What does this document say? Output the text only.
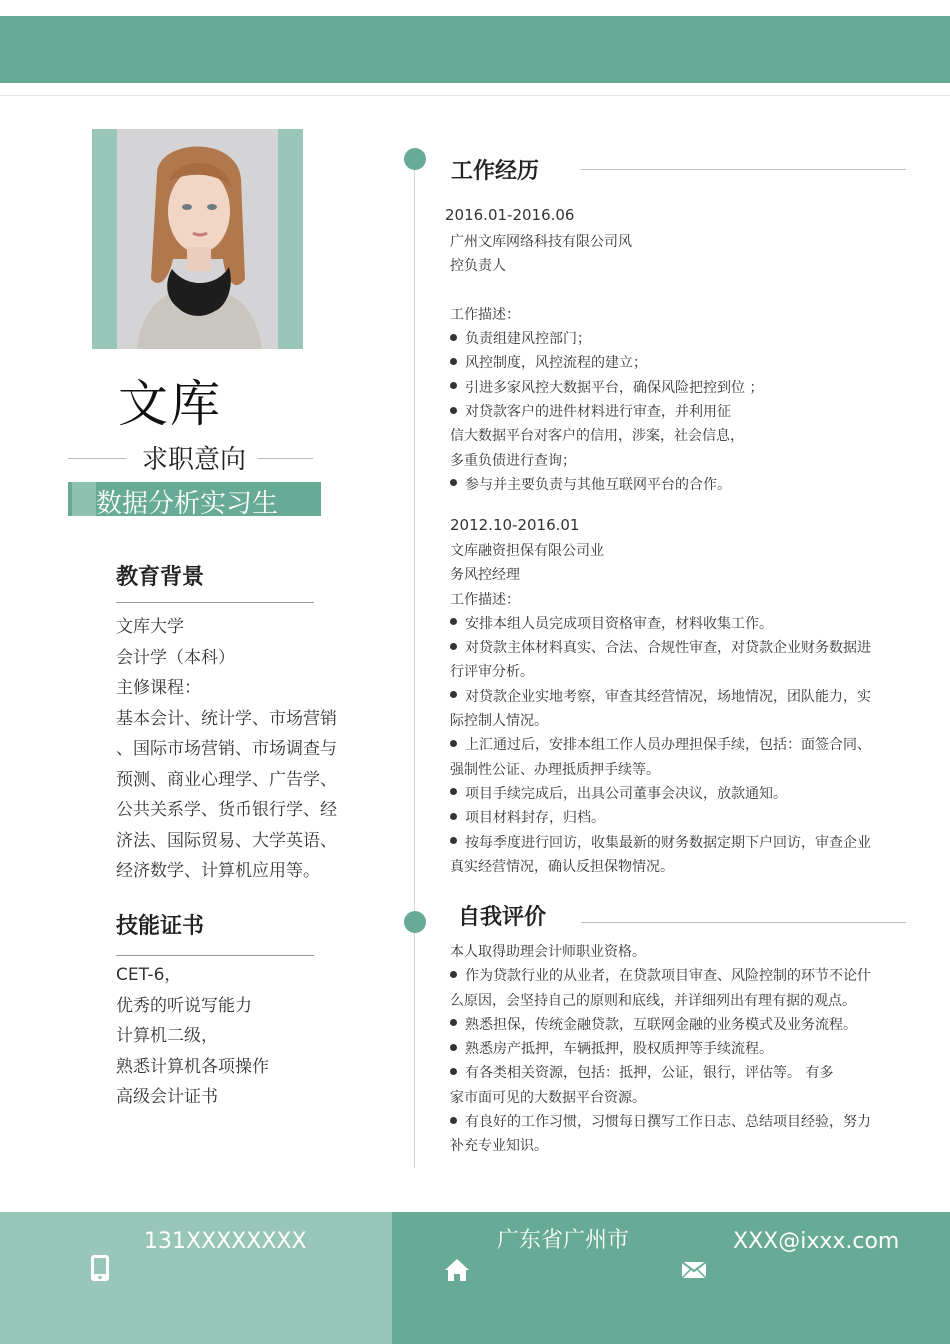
文库
求职意向
数据分析实习生
教育背景
文库大学
会计学（本科）
主修课程：
基本会计、统计学、市场营销
、国际市场营销、市场调查与
预测、商业心理学、广告学、
公共关系学、货币银行学、经
济法、国际贸易、大学英语、
经济数学、计算机应用等。
技能证书
CET-6，
优秀的听说写能力
计算机二级，
熟悉计算机各项操作
高级会计证书
工作经历
2016.01-2016.06
广州文库网络科技有限公司风
控负责人
工作描述：
负责组建风控部门；
风控制度，风控流程的建立；
引进多家风控大数据平台，确保风险把控到位 ；
对贷款客户的进件材料进行审查，并利用征
信大数据平台对客户的信用，涉案，社会信息，
多重负债进行查询；
参与并主要负责与其他互联网平台的合作。
2012.10-2016.01
文库融资担保有限公司业
务风控经理
工作描述：
安排本组人员完成项目资格审查，材料收集工作。
对贷款主体材料真实、合法、合规性审查，对贷款企业财务数据进
行评审分析。
对贷款企业实地考察，审查其经营情况，场地情况，团队能力，实
际控制人情况。
上汇通过后，安排本组工作人员办理担保手续，包括：面签合同、
强制性公证、办理抵质押手续等。
项目手续完成后，出具公司董事会决议，放款通知。
项目材料封存，归档。
按每季度进行回访，收集最新的财务数据定期下户回访，审查企业
真实经营情况，确认反担保物情况。
自我评价
本人取得助理会计师职业资格。
作为贷款行业的从业者，在贷款项目审查、风险控制的环节不论什
么原因，会坚持自己的原则和底线，并详细列出有理有据的观点。
熟悉担保，传统金融贷款，互联网金融的业务模式及业务流程。
熟悉房产抵押，车辆抵押，股权质押等手续流程。
有各类相关资源，包括：抵押，公证，银行，评估等。 有多
家市面可见的大数据平台资源。
有良好的工作习惯，习惯每日撰写工作日志、总结项目经验，努力
补充专业知识。
131XXXXXXXX	广东省广州市	XXX@ixxx.com
